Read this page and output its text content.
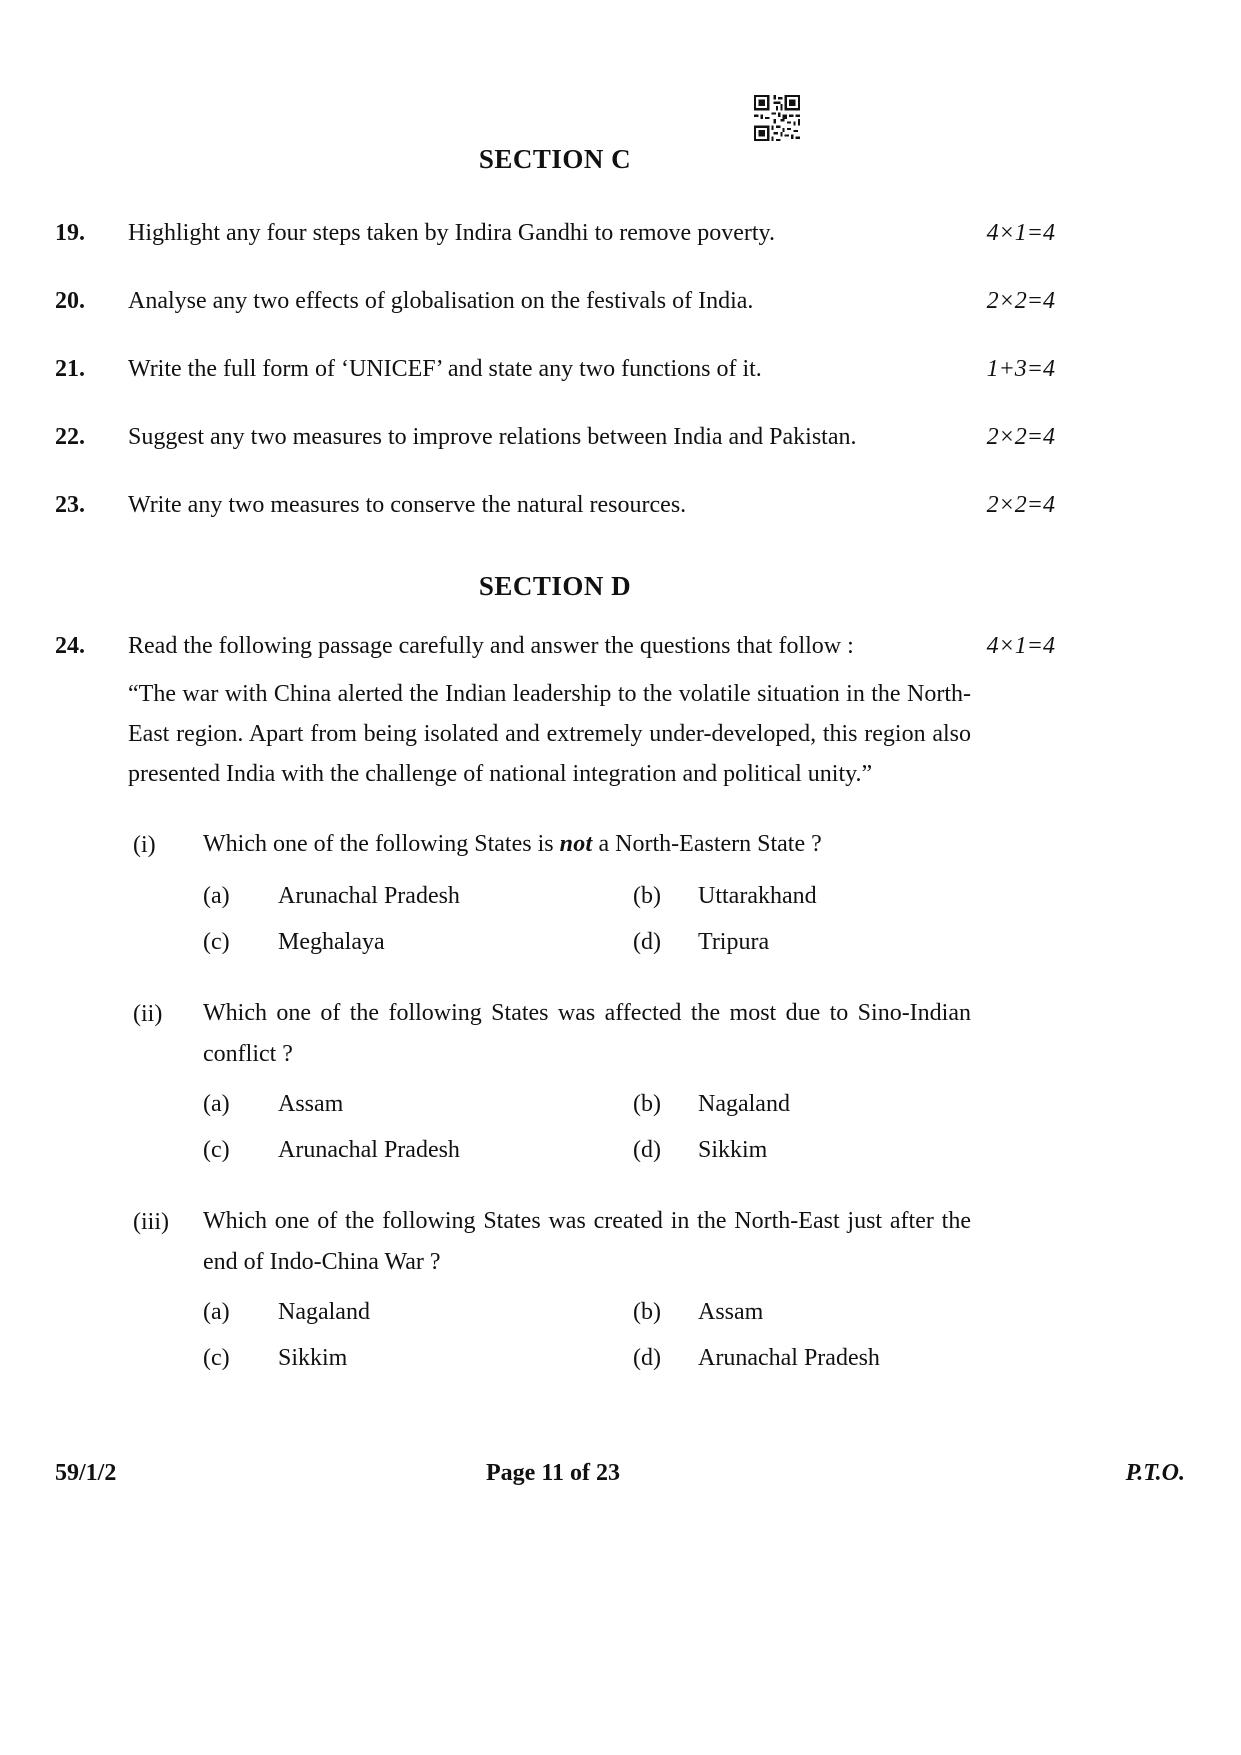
SECTION C
19.	Highlight any four steps taken by Indira Gandhi to remove poverty.	4×1=4
20.	Analyse any two effects of globalisation on the festivals of India.	2×2=4
21.	Write the full form of ‘UNICEF’ and state any two functions of it.	1+3=4
22.	Suggest any two measures to improve relations between India and Pakistan.	2×2=4
23.	Write any two measures to conserve the natural resources.	2×2=4
SECTION D
24.	Read the following passage carefully and answer the questions that follow :	4×1=4
“The war with China alerted the Indian leadership to the volatile situation in the North-East region. Apart from being isolated and extremely under-developed, this region also presented India with the challenge of national integration and political unity.”
(i)	Which one of the following States is not a North-Eastern State ?
(a)	Arunachal Pradesh	(b)	Uttarakhand
(c)	Meghalaya	(d)	Tripura
(ii)	Which one of the following States was affected the most due to Sino-Indian conflict ?
(a)	Assam	(b)	Nagaland
(c)	Arunachal Pradesh	(d)	Sikkim
(iii)	Which one of the following States was created in the North-East just after the end of Indo-China War ?
(a)	Nagaland	(b)	Assam
(c)	Sikkim	(d)	Arunachal Pradesh
59/1/2	Page 11 of 23	P.T.O.
